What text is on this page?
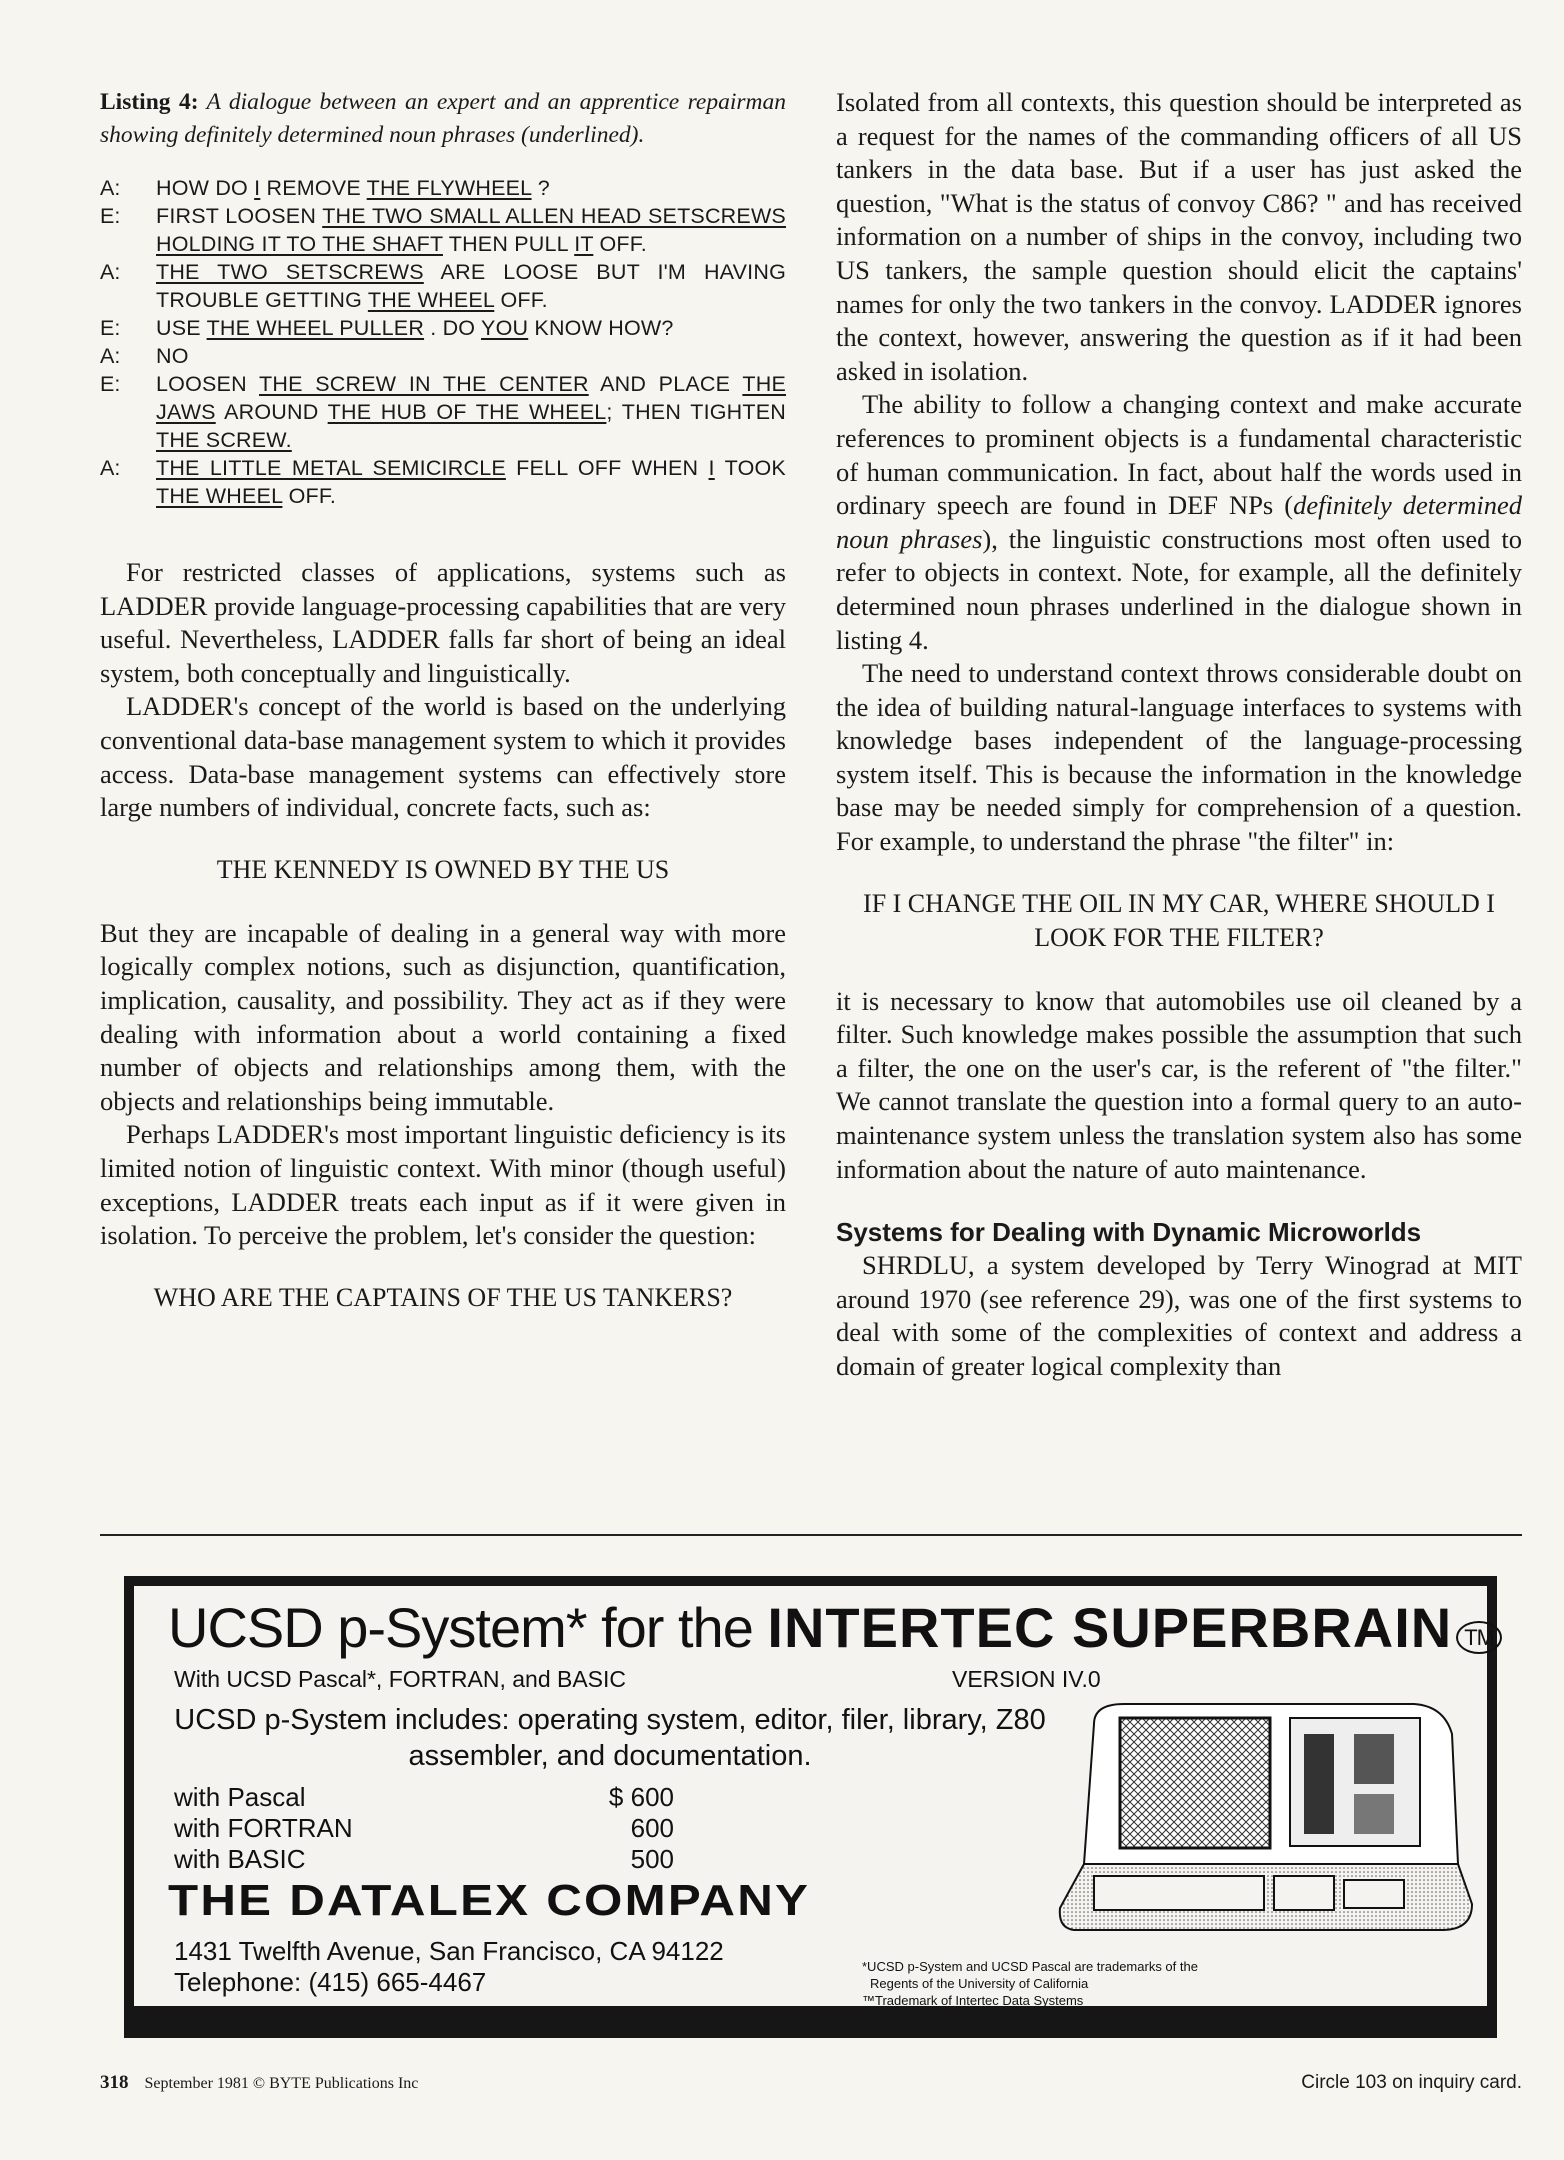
Listing 4: A dialogue between an expert and an apprentice repairman showing definitely determined noun phrases (underlined).
A:	HOW DO I REMOVE THE FLYWHEEL ?
E:	FIRST LOOSEN THE TWO SMALL ALLEN HEAD SETSCREWS HOLDING IT TO THE SHAFT THEN PULL IT OFF.
A:	THE TWO SETSCREWS ARE LOOSE BUT I'M HAVING TROUBLE GETTING THE WHEEL OFF.
E:	USE THE WHEEL PULLER . DO YOU KNOW HOW?
A:	NO
E:	LOOSEN THE SCREW IN THE CENTER AND PLACE THE JAWS AROUND THE HUB OF THE WHEEL; THEN TIGHTEN THE SCREW.
A:	THE LITTLE METAL SEMICIRCLE FELL OFF WHEN I TOOK THE WHEEL OFF.

For restricted classes of applications, systems such as LADDER provide language-processing capabilities that are very useful. Nevertheless, LADDER falls far short of being an ideal system, both conceptually and linguistically.

LADDER's concept of the world is based on the underlying conventional data-base management system to which it provides access. Data-base management systems can effectively store large numbers of individual, concrete facts, such as:

THE KENNEDY IS OWNED BY THE US

But they are incapable of dealing in a general way with more logically complex notions, such as disjunction, quantification, implication, causality, and possibility. They act as if they were dealing with information about a world containing a fixed number of objects and relationships among them, with the objects and relationships being immutable.

Perhaps LADDER's most important linguistic deficiency is its limited notion of linguistic context. With minor (though useful) exceptions, LADDER treats each input as if it were given in isolation. To perceive the problem, let's consider the question:

WHO ARE THE CAPTAINS OF THE US TANKERS?

Isolated from all contexts, this question should be interpreted as a request for the names of the commanding officers of all US tankers in the data base. But if a user has just asked the question, "What is the status of convoy C86? " and has received information on a number of ships in the convoy, including two US tankers, the sample question should elicit the captains' names for only the two tankers in the convoy. LADDER ignores the context, however, answering the question as if it had been asked in isolation.

The ability to follow a changing context and make accurate references to prominent objects is a fundamental characteristic of human communication. In fact, about half the words used in ordinary speech are found in DEF NPs (definitely determined noun phrases), the linguistic constructions most often used to refer to objects in context. Note, for example, all the definitely determined noun phrases underlined in the dialogue shown in listing 4.

The need to understand context throws considerable doubt on the idea of building natural-language interfaces to systems with knowledge bases independent of the language-processing system itself. This is because the information in the knowledge base may be needed simply for comprehension of a question. For example, to understand the phrase "the filter" in:

IF I CHANGE THE OIL IN MY CAR, WHERE SHOULD I LOOK FOR THE FILTER?

it is necessary to know that automobiles use oil cleaned by a filter. Such knowledge makes possible the assumption that such a filter, the one on the user's car, is the referent of "the filter." We cannot translate the question into a formal query to an auto-maintenance system unless the translation system also has some information about the nature of auto maintenance.

Systems for Dealing with Dynamic Microworlds

SHRDLU, a system developed by Terry Winograd at MIT around 1970 (see reference 29), was one of the first systems to deal with some of the complexities of context and address a domain of greater logical complexity than

UCSD p-System* for the INTERTEC SUPERBRAIN ™
With UCSD Pascal*, FORTRAN, and BASIC	VERSION IV.0
UCSD p-System includes: operating system, editor, filer, library, Z80 assembler, and documentation.
with Pascal	$ 600
with FORTRAN	600
with BASIC	500
THE DATALEX COMPANY
1431 Twelfth Avenue, San Francisco, CA 94122
Telephone: (415) 665-4467
*UCSD p-System and UCSD Pascal are trademarks of the
Regents of the University of California
™Trademark of Intertec Data Systems
318 September 1981 © BYTE Publications Inc	Circle 103 on inquiry card.
